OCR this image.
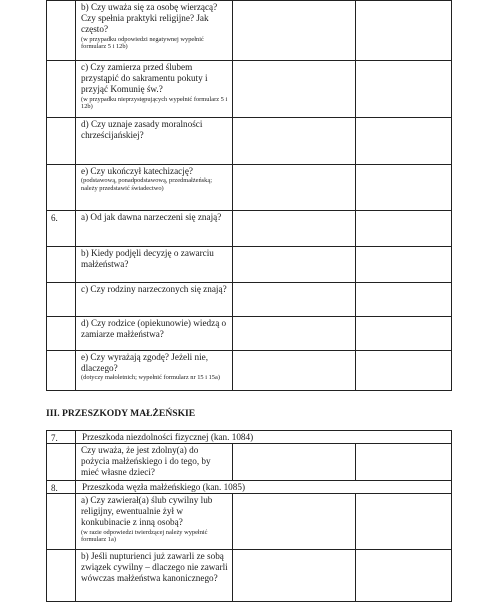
	b) Czy uważa się za osobę wierzącą? Czy spełnia praktyki religijne? Jak często?
(w przypadku odpowiedzi negatywnej wypełnić formularz 5 i 12b)		

	c) Czy zamierza przed ślubem przystąpić do sakramentu pokuty i przyjąć Komunię św.?
(w przypadku nieprzystępujących wypełnić formularz 5 i 12b)		

	d) Czy uznaje zasady moralności chrześcijańskiej?		
	e) Czy ukończył katechizację?
(podstawową, ponadpodstawową, przedmałżeńską; należy przedstawić świadectwo)		

6.	a) Od jak dawna narzeczeni się znają?		
	b) Kiedy podjęli decyzję o zawarciu małżeństwa?		
	c) Czy rodziny narzeczonych się znają?		
	d) Czy rodzice (opiekunowie) wiedzą o zamiarze małżeństwa?		
	e) Czy wyrażają zgodę? Jeżeli nie, dlaczego?
(dotyczy małoletnich; wypełnić formularz nr 15 i 15a)		

III. PRZESZKODY MAŁŻEŃSKIE
7.	Przeszkoda niezdolności fizycznej (kan. 1084)		
	Czy uważa, że jest zdolny(a) do pożycia małżeńskiego i do tego, by mieć własne dzieci?		
8.	Przeszkoda węzła małżeńskiego (kan. 1085)		
	a) Czy zawierał(a) ślub cywilny lub religijny, ewentualnie żył w konkubinacie z inną osobą?
(w razie odpowiedzi twierdzącej należy wypełnić formularz 1a)		

	b) Jeśli nupturienci już zawarli ze sobą związek cywilny – dlaczego nie zawarli wówczas małżeństwa kanonicznego?		
